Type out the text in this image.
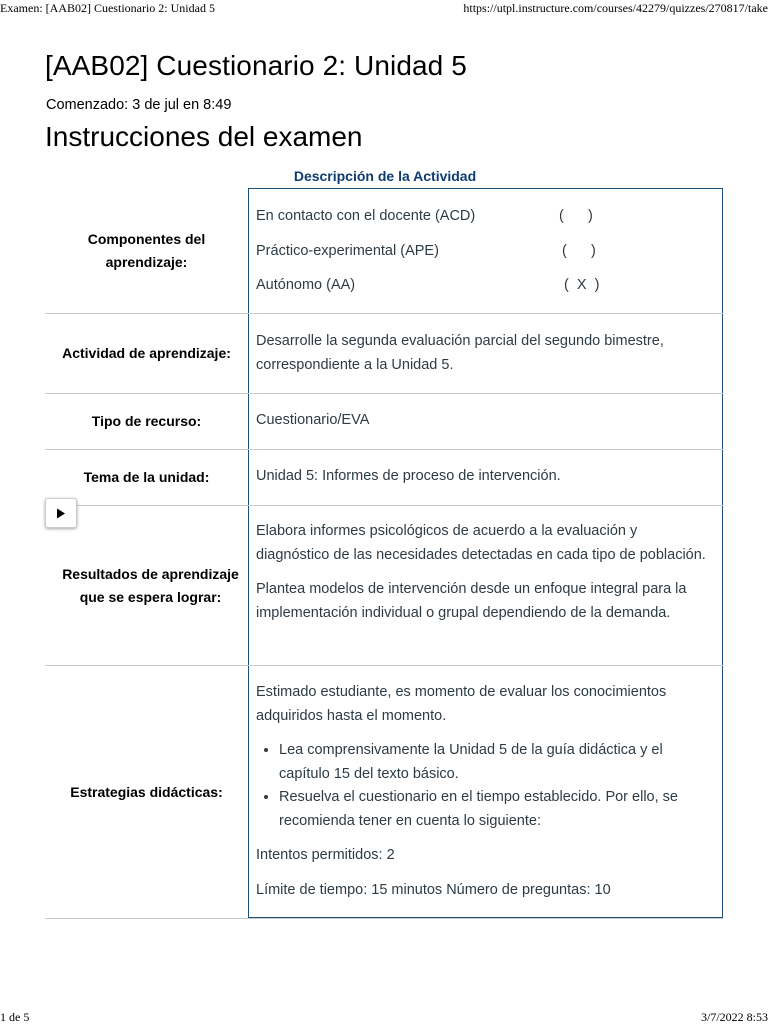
Examen: [AAB02] Cuestionario 2: Unidad 5	https://utpl.instructure.com/courses/42279/quizzes/270817/take
[AAB02] Cuestionario 2: Unidad 5
Comenzado: 3 de jul en 8:49
Instrucciones del examen
Descripción de la Actividad
Componentes del aprendizaje:
En contacto con el docente (ACD)	(      )
Práctico-experimental (APE)	(      )
Autónomo (AA)	(  X  )
Actividad de aprendizaje:

Desarrolle la segunda evaluación parcial del segundo bimestre, correspondiente a la Unidad 5.

Tipo de recurso:	Cuestionario/EVA

Tema de la unidad:	Unidad 5: Informes de proceso de intervención.

Resultados de aprendizaje que se espera lograr:

Elabora informes psicológicos de acuerdo a la evaluación y diagnóstico de las necesidades detectadas en cada tipo de población.

Plantea modelos de intervención desde un enfoque integral para la implementación individual o grupal dependiendo de la demanda.

Estrategias didácticas:

Estimado estudiante, es momento de evaluar los conocimientos adquiridos hasta el momento.

• Lea comprensivamente la Unidad 5 de la guía didáctica y el capítulo 15 del texto básico.
• Resuelva el cuestionario en el tiempo establecido. Por ello, se recomienda tener en cuenta lo siguiente:

Intentos permitidos: 2

Límite de tiempo: 15 minutos Número de preguntas: 10

1 de 5	3/7/2022 8:53
